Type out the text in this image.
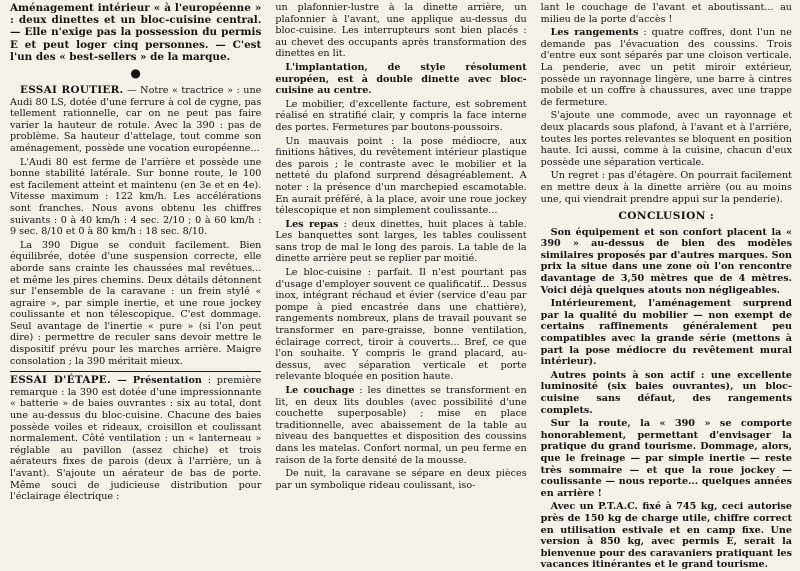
Aménagement intérieur « à l'européenne » : deux dinettes et un bloc-cuisine central. — Elle n'exige pas la possession du permis E et peut loger cinq personnes. — C'est l'un des « best-sellers » de la marque.

●

ESSAI ROUTIER. — Notre « tractrice » : une Audi 80 LS, dotée d'une ferrure à col de cygne, pas tellement rationnelle, car on ne peut pas faire varier la hauteur de rotule. Avec la 390 : pas de problème. Sa hauteur d'attelage, tout comme son aménagement, possède une vocation européenne...

L'Audi 80 est ferme de l'arrière et possède une bonne stabilité latérale. Sur bonne route, le 100 est facilement atteint et maintenu (en 3e et en 4e). Vitesse maximum : 122 km/h. Les accélérations sont franches. Nous avons obtenu les chiffres suivants : 0 à 40 km/h : 4 sec. 2/10 ; 0 à 60 km/h : 9 sec. 8/10 et 0 à 80 km/h : 18 sec. 8/10.

La 390 Digue se conduit facilement. Bien équilibrée, dotée d'une suspension correcte, elle aborde sans crainte les chaussées mal revêtues... et même les pires chemins. Deux détails détonnent sur l'ensemble de la caravane : un frein stylé « agraire », par simple inertie, et une roue jockey coulissante et non télescopique. C'est dommage. Seul avantage de l'inertie « pure » (si l'on peut dire) : permettre de reculer sans devoir mettre le dispositif prévu pour les marches arrière. Maigre consolation ; la 390 méritait mieux.

ESSAI D'ÉTAPE. — Présentation : première remarque : la 390 est dotée d'une impressionnante « batterie » de baies ouvrantes : six au total, dont une au-dessus du bloc-cuisine. Chacune des baies possède voiles et rideaux, croisillon et coulissant normalement. Côté ventilation : un « lanterneau » réglable au pavillon (assez chiche) et trois aérateurs fixes de parois (deux à l'arrière, un à l'avant). S'ajoute un aérateur de bas de porte. Même souci de judicieuse distribution pour l'éclairage électrique :

un plafonnier-lustre à la dinette arrière, un plafonnier à l'avant, une applique au-dessus du bloc-cuisine. Les interrupteurs sont bien placés : au chevet des occupants après transformation des dinettes en lit.

L'implantation, de style résolument européen, est à double dinette avec bloc-cuisine au centre.

Le mobilier, d'excellente facture, est sobrement réalisé en stratifié clair, y compris la face interne des portes. Fermetures par boutons-poussoirs.

Un mauvais point : la pose médiocre, aux finitions hâtives, du revêtement intérieur plastique des parois ; le contraste avec le mobilier et la netteté du plafond surprend désagréablement. A noter : la présence d'un marchepied escamotable. En aurait préféré, à la place, avoir une roue jockey télescopique et non simplement coulissante...

Les repas : deux dinettes, huit places à table. Les banquettes sont larges, les tables coulissent sans trop de mal le long des parois. La table de la dinette arrière peut se replier par moitié.

Le bloc-cuisine : parfait. Il n'est pourtant pas d'usage d'employer souvent ce qualificatif... Dessus inox, intégrant réchaud et évier (service d'eau par pompe à pied encastrée dans une chattière), rangements nombreux, plans de travail pouvant se transformer en pare-graisse, bonne ventilation, éclairage correct, tiroir à couverts... Bref, ce que l'on souhaite. Y compris le grand placard, au-dessus, avec séparation verticale et porte relevante bloquée en position haute.

Le couchage : les dinettes se transforment en lit, en deux lits doubles (avec possibilité d'une couchette superposable) ; mise en place traditionnelle, avec abaissement de la table au niveau des banquettes et disposition des coussins dans les matelas. Confort normal, un peu ferme en raison de la forte densité de la mousse.

De nuit, la caravane se sépare en deux pièces par un symbolique rideau coulissant, iso-

lant le couchage de l'avant et aboutissant... au milieu de la porte d'accès !

Les rangements : quatre coffres, dont l'un ne demande pas l'évacuation des coussins. Trois d'entre eux sont séparés par une cloison verticale. La penderie, avec un petit miroir extérieur, possède un rayonnage lingère, une barre à cintres mobile et un coffre à chaussures, avec une trappe de fermeture.

S'ajoute une commode, avec un rayonnage et deux placards sous plafond, à l'avant et à l'arrière, toutes les portes relevantes se bloquent en position haute. Ici aussi, comme à la cuisine, chacun d'eux possède une séparation verticale.

Un regret : pas d'étagère. On pourrait facilement en mettre deux à la dinette arrière (ou au moins une, qui viendrait prendre appui sur la penderie).

CONCLUSION :

Son équipement et son confort placent la « 390 » au-dessus de bien des modèles similaires proposés par d'autres marques. Son prix la situe dans une zone où l'on rencontre davantage de 3,50 mètres que de 4 mètres. Voici déjà quelques atouts non négligeables.

Intérieurement, l'aménagement surprend par la qualité du mobilier — non exempt de certains raffinements généralement peu compatibles avec la grande série (mettons à part la pose médiocre du revêtement mural intérieur).

Autres points à son actif : une excellente luminosité (six baies ouvrantes), un bloc-cuisine sans défaut, des rangements complets.

Sur la route, la « 390 » se comporte honorablement, permettant d'envisager la pratique du grand tourisme. Dommage, alors, que le freinage — par simple inertie — reste très sommaire — et que la roue jockey — coulissante — nous reporte... quelques années en arrière !

Avec un P.T.A.C. fixé à 745 kg, ceci autorise près de 150 kg de charge utile, chiffre correct en utilisation estivale et en camp fixe. Une version à 850 kg, avec permis E, serait la bienvenue pour des caravaniers pratiquant les vacances itinérantes et le grand tourisme.
